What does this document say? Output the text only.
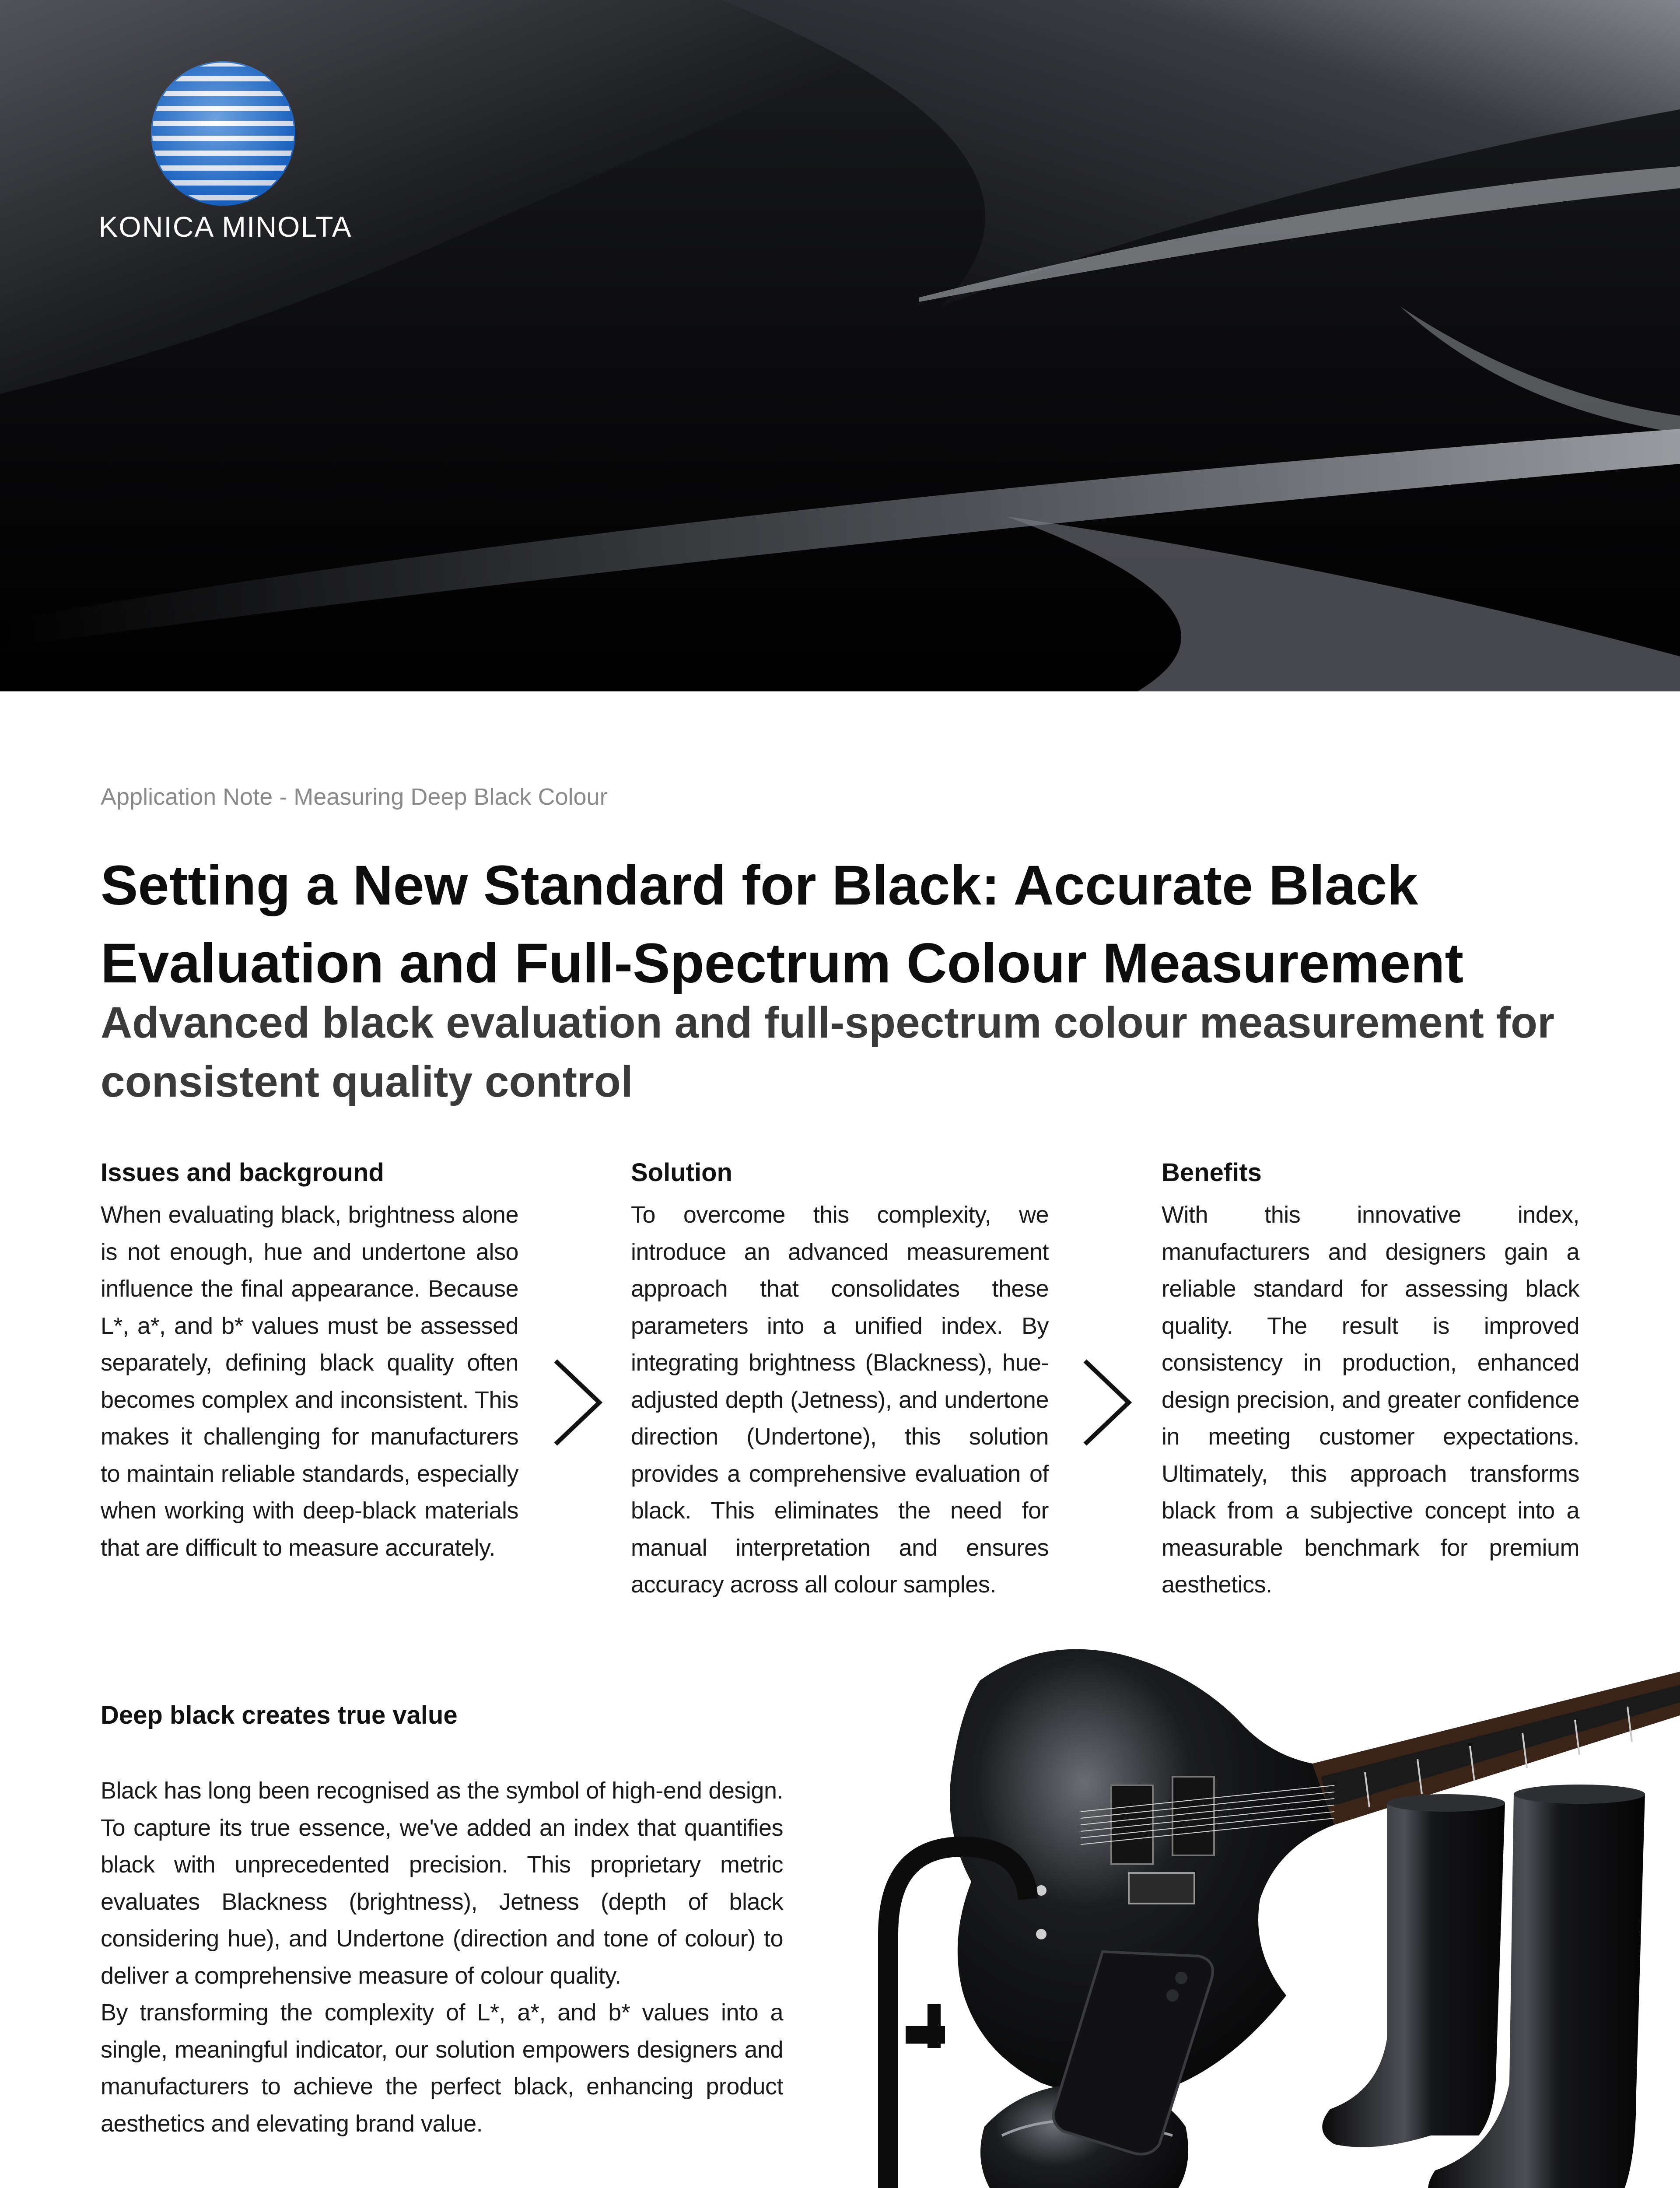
KONICA MINOLTA
Application Note - Measuring Deep Black Colour
Setting a New Standard for Black: Accurate Black Evaluation and Full-Spectrum Colour Measurement
Advanced black evaluation and full-spectrum colour measurement for consistent quality control
Issues and background

When evaluating black, brightness alone is not enough, hue and undertone also influence the final appearance. Because L*, a*, and b* values must be assessed separately, defining black quality often becomes complex and inconsistent. This makes it challenging for manufacturers to maintain reliable standards, especially when working with deep-black materials that are difficult to measure accurately.

Solution

To overcome this complexity, we introduce an advanced measurement approach that consolidates these parameters into a unified index. By integrating brightness (Blackness), hue-adjusted depth (Jetness), and undertone direction (Undertone), this solution provides a comprehensive evaluation of black. This eliminates the need for manual interpretation and ensures accuracy across all colour samples.

Benefits

With this innovative index, manufacturers and designers gain a reliable standard for assessing black quality. The result is improved consistency in production, enhanced design precision, and greater confidence in meeting customer expectations. Ultimately, this approach transforms black from a subjective concept into a measurable benchmark for premium aesthetics.

Deep black creates true value

Black has long been recognised as the symbol of high-end design. To capture its true essence, we've added an index that quantifies black with unprecedented precision. This proprietary metric evaluates Blackness (brightness), Jetness (depth of black considering hue), and Undertone (direction and tone of colour) to deliver a comprehensive measure of colour quality.

By transforming the complexity of L*, a*, and b* values into a single, meaningful indicator, our solution empowers designers and manufacturers to achieve the perfect black, enhancing product aesthetics and elevating brand value.
